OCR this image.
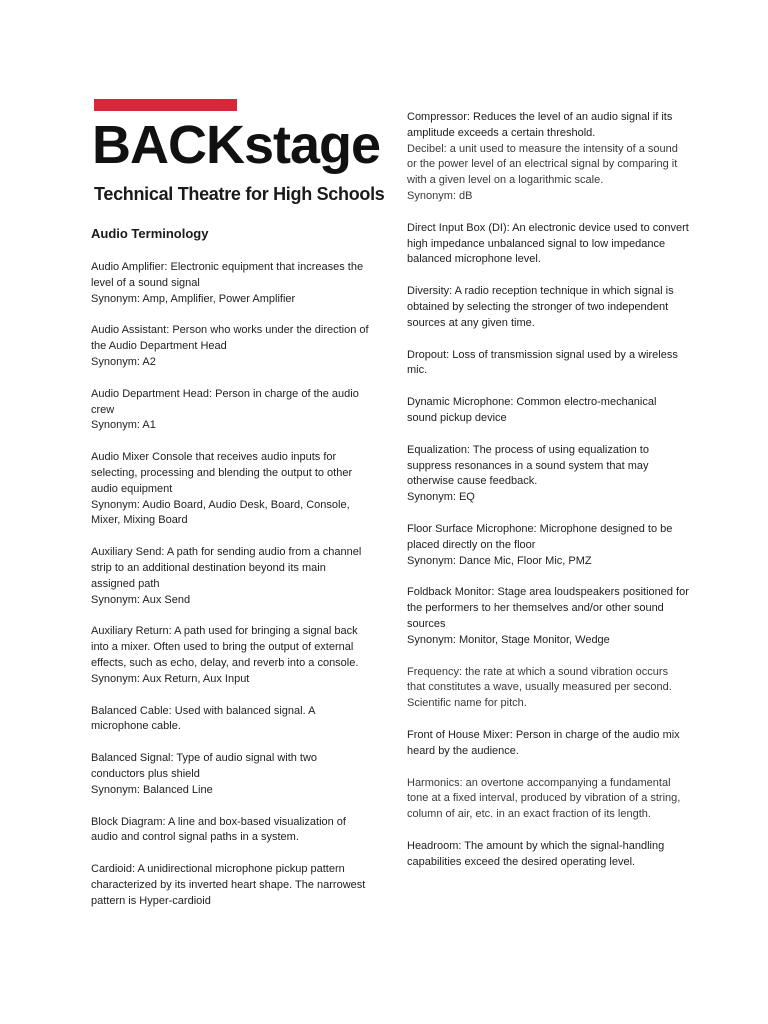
BACKstage
Technical Theatre for High Schools
Audio Terminology

Audio Amplifier: Electronic equipment that increases the level of a sound signal

Synonym: Amp, Amplifier, Power Amplifier

Audio Assistant: Person who works under the direction of the Audio Department Head

Synonym: A2

Audio Department Head: Person in charge of the audio crew

Synonym: A1

Audio Mixer Console that receives audio inputs for selecting, processing and blending the output to other audio equipment

Synonym: Audio Board, Audio Desk, Board, Console, Mixer, Mixing Board

Auxiliary Send: A path for sending audio from a channel strip to an additional destination beyond its main assigned path

Synonym: Aux Send

Auxiliary Return: A path used for bringing a signal back into a mixer. Often used to bring the output of external effects, such as echo, delay, and reverb into a console.

Synonym: Aux Return, Aux Input

Balanced Cable: Used with balanced signal. A microphone cable.

Balanced Signal: Type of audio signal with two conductors plus shield

Synonym: Balanced Line

Block Diagram: A line and box-based visualization of audio and control signal paths in a system.

Cardioid: A unidirectional microphone pickup pattern characterized by its inverted heart shape. The narrowest pattern is Hyper-cardioid

Compressor: Reduces the level of an audio signal if its amplitude exceeds a certain threshold.

Decibel: a unit used to measure the intensity of a sound or the power level of an electrical signal by comparing it with a given level on a logarithmic scale.

Synonym: dB

Direct Input Box (DI): An electronic device used to convert high impedance unbalanced signal to low impedance balanced microphone level.

Diversity: A radio reception technique in which signal is obtained by selecting the stronger of two independent sources at any given time.

Dropout: Loss of transmission signal used by a wireless mic.

Dynamic Microphone: Common electro-mechanical sound pickup device

Equalization: The process of using equalization to suppress resonances in a sound system that may otherwise cause feedback.

Synonym: EQ

Floor Surface Microphone: Microphone designed to be placed directly on the floor

Synonym: Dance Mic, Floor Mic, PMZ

Foldback Monitor: Stage area loudspeakers positioned for the performers to her themselves and/or other sound sources

Synonym: Monitor, Stage Monitor, Wedge

Frequency: the rate at which a sound vibration occurs that constitutes a wave, usually measured per second. Scientific name for pitch.

Front of House Mixer: Person in charge of the audio mix heard by the audience.

Harmonics: an overtone accompanying a fundamental tone at a fixed interval, produced by vibration of a string, column of air, etc. in an exact fraction of its length.

Headroom: The amount by which the signal-handling capabilities exceed the desired operating level.
